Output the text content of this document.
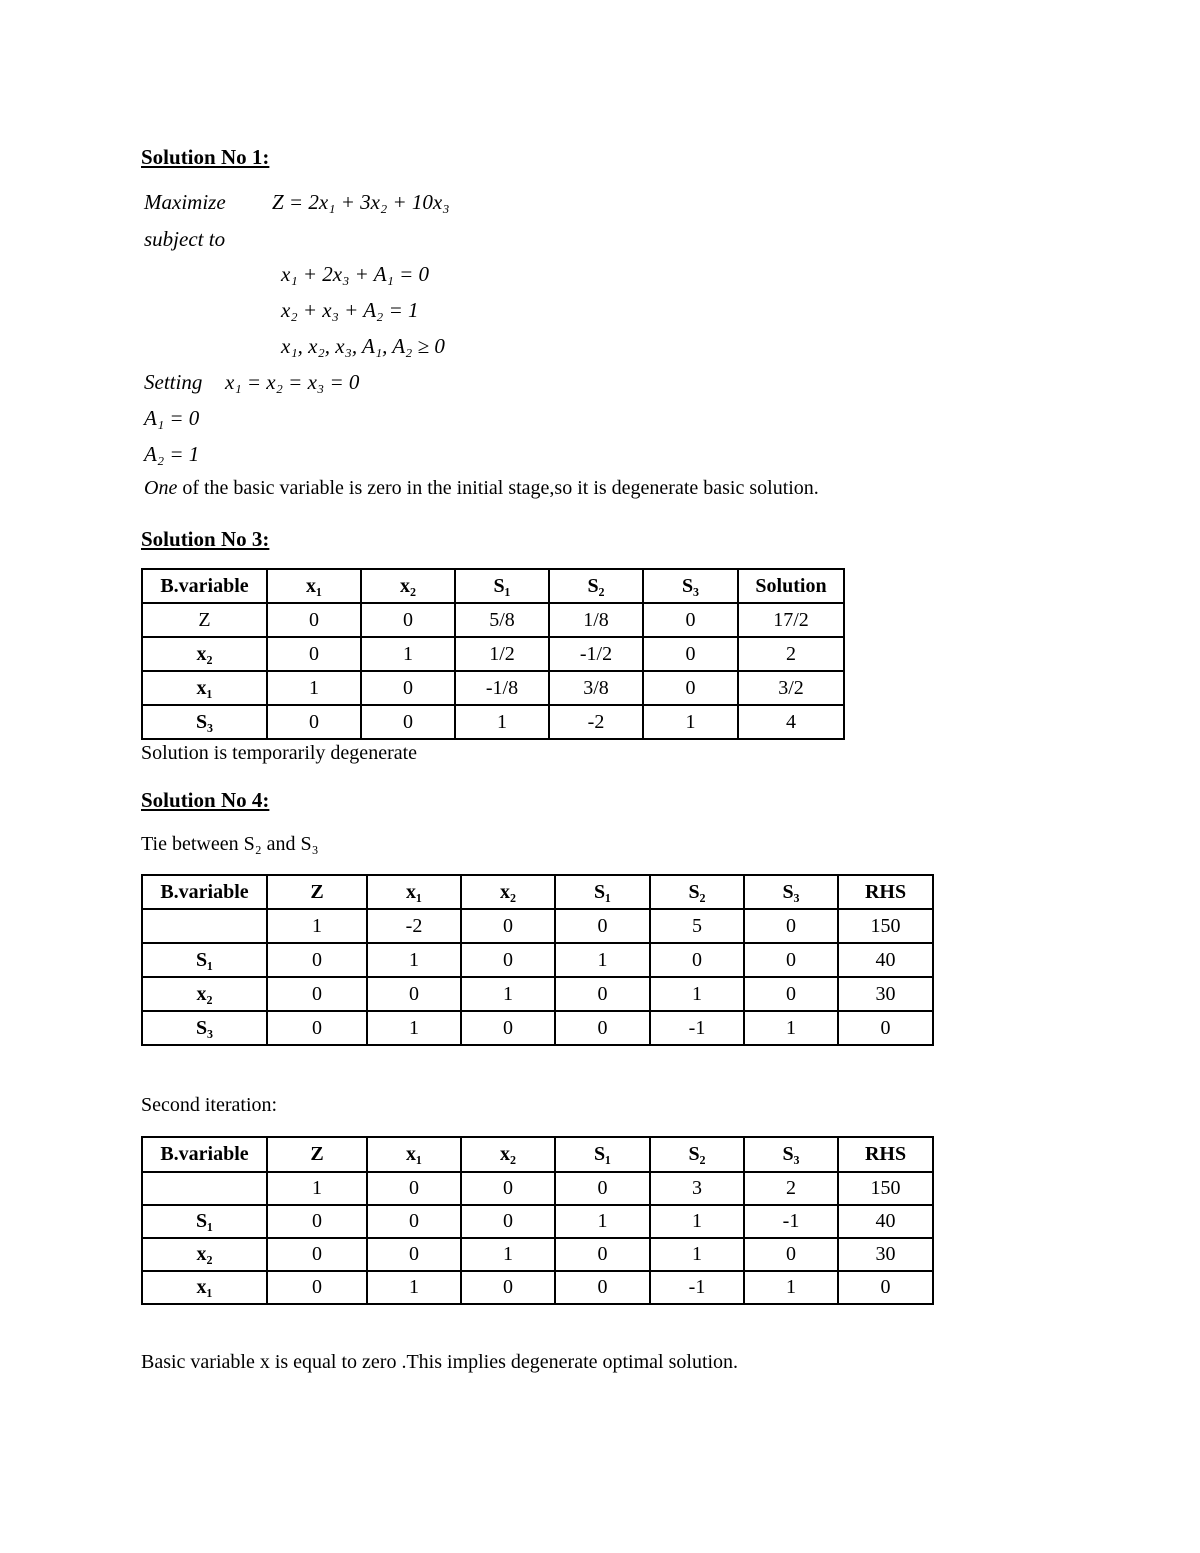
Solution No 1:
Maximize Z = 2x₁ + 3x₂ + 10x₃
subject to
x₁ + 2x₃ + A₁ = 0
x₂ + x₃ + A₂ = 1
x₁, x₂, x₃, A₁, A₂ ≥ 0
Setting x₁ = x₂ = x₃ = 0
A₁ = 0
A₂ = 1
One of the basic variable is zero in the initial stage,so it is degenerate basic solution.
Solution No 3:
B.variable	x₁	x₂	S₁	S₂	S₃	Solution
Z	0	0	5/8	1/8	0	17/2
x₂	0	1	1/2	-1/2	0	2
x₁	1	0	-1/8	3/8	0	3/2
S₃	0	0	1	-2	1	4
Solution is temporarily degenerate
Solution No 4:
Tie between S₂ and S₃
B.variable	Z	x₁	x₂	S₁	S₂	S₃	RHS
	1	-2	0	0	5	0	150
S₁	0	1	0	1	0	0	40
x₂	0	0	1	0	1	0	30
S₃	0	1	0	0	-1	1	0
Second iteration:
B.variable	Z	x₁	x₂	S₁	S₂	S₃	RHS
	1	0	0	0	3	2	150
S₁	0	0	0	1	1	-1	40
x₂	0	0	1	0	1	0	30
x₁	0	1	0	0	-1	1	0
Basic variable x is equal to zero .This implies degenerate optimal solution.
